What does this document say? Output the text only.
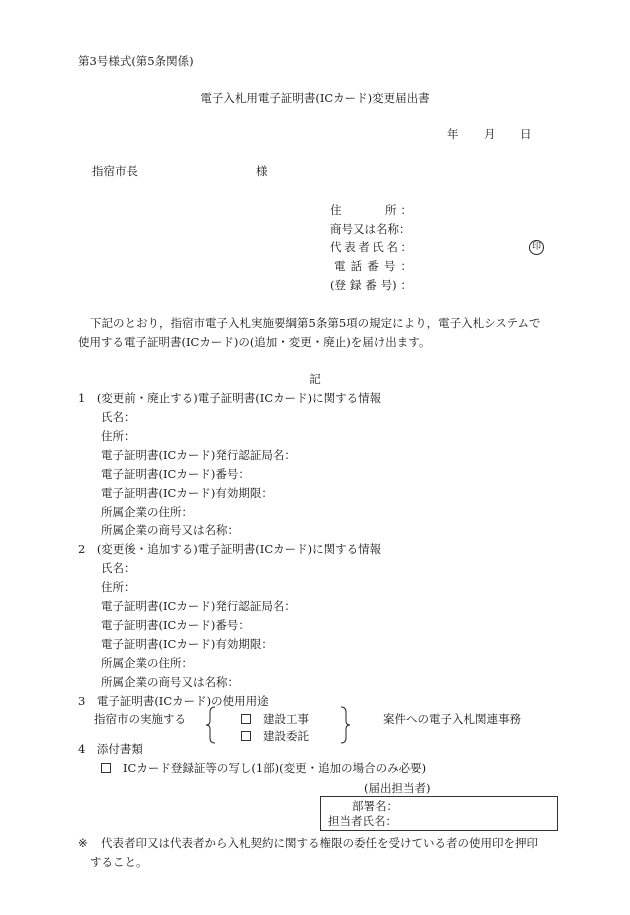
第3号様式(第5条関係)
電子入札用電子証明書(ICカード)変更届出書
年 月 日
指宿市長	様
住	所 ：
商号又は名称：
代 表 者 氏 名 ：	印
電 話 番 号 ：
(登 録 番 号) ：
下記のとおり，指宿市電子入札実施要綱第5条第5項の規定により，電子入札システムで
使用する電子証明書(ICカード)の(追加・変更・廃止)を届け出ます。
記
1　(変更前・廃止する)電子証明書(ICカード)に関する情報
氏名：
住所：
電子証明書(ICカード)発行認証局名：
電子証明書(ICカード)番号：
電子証明書(ICカード)有効期限：
所属企業の住所：
所属企業の商号又は名称：
2　(変更後・追加する)電子証明書(ICカード)に関する情報
氏名：
住所：
電子証明書(ICカード)発行認証局名：
電子証明書(ICカード)番号：
電子証明書(ICカード)有効期限：
所属企業の住所：
所属企業の商号又は名称：
3　電子証明書(ICカード)の使用用途
指宿市の実施する	建設工事
建設委託
案件への電子入札関連事務
4　添付書類
ICカード登録証等の写し(1部)(変更・追加の場合のみ必要)
(届出担当者)
部署名：
担当者氏名：
※ 代表者印又は代表者から入札契約に関する権限の委任を受けている者の使用印を押印
すること。
